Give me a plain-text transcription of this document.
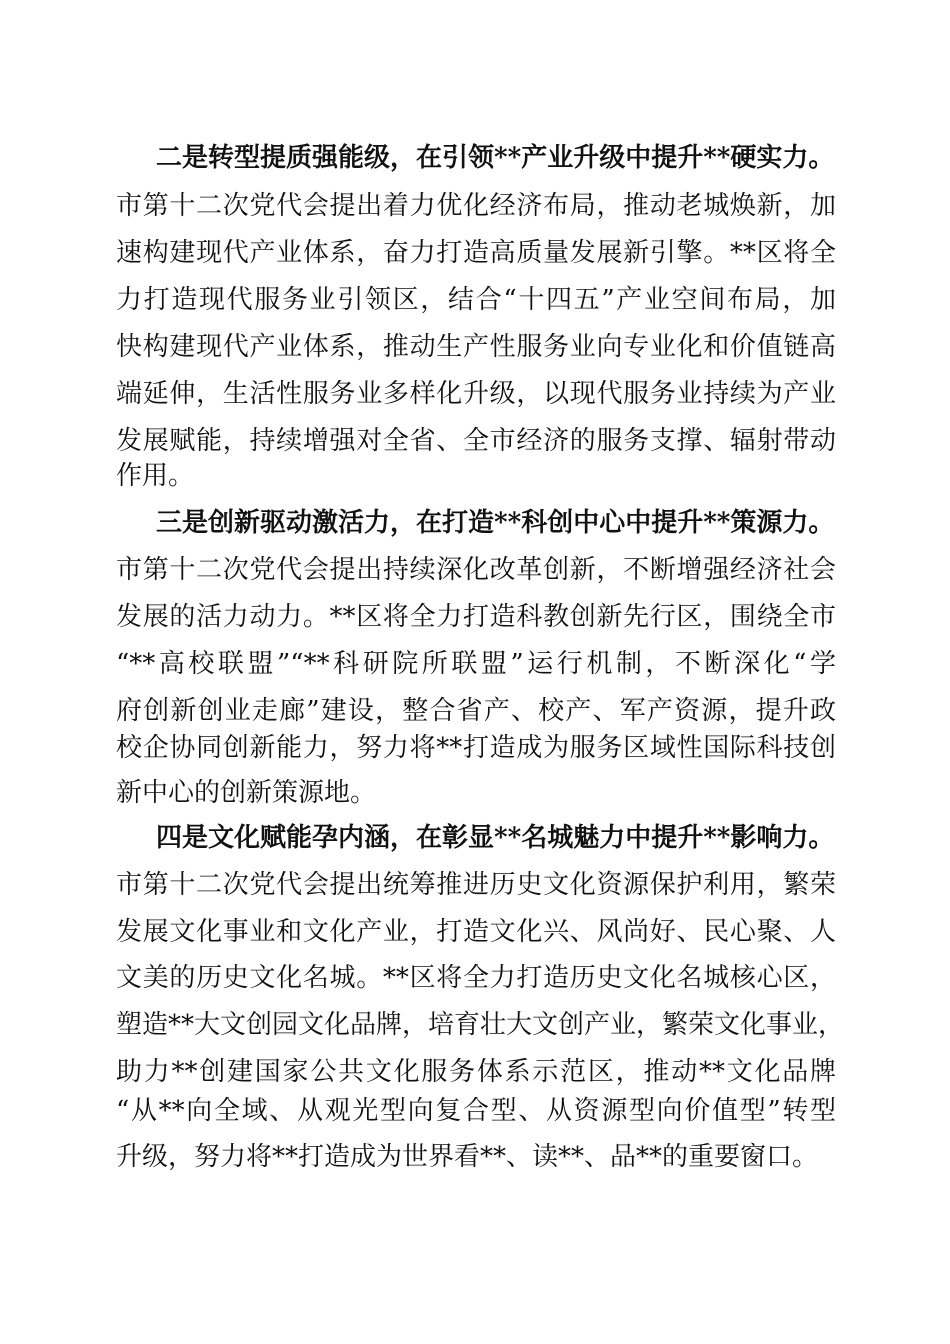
二是转型提质强能级，在引领**产业升级中提升**硬实力。
市第十二次党代会提出着力优化经济布局，推动老城焕新，加
速构建现代产业体系，奋力打造高质量发展新引擎。**区将全
力打造现代服务业引领区，结合“十四五”产业空间布局，加
快构建现代产业体系，推动生产性服务业向专业化和价值链高
端延伸，生活性服务业多样化升级，以现代服务业持续为产业
发展赋能，持续增强对全省、全市经济的服务支撑、辐射带动
作用。
三是创新驱动激活力，在打造**科创中心中提升**策源力。
市第十二次党代会提出持续深化改革创新，不断增强经济社会
发展的活力动力。**区将全力打造科教创新先行区，围绕全市
“**高校联盟”“**科研院所联盟”运行机制，不断深化“学
府创新创业走廊”建设，整合省产、校产、军产资源，提升政
校企协同创新能力，努力将**打造成为服务区域性国际科技创
新中心的创新策源地。
四是文化赋能孕内涵，在彰显**名城魅力中提升**影响力。
市第十二次党代会提出统筹推进历史文化资源保护利用，繁荣
发展文化事业和文化产业，打造文化兴、风尚好、民心聚、人
文美的历史文化名城。**区将全力打造历史文化名城核心区，
塑造**大文创园文化品牌，培育壮大文创产业，繁荣文化事业，
助力**创建国家公共文化服务体系示范区，推动**文化品牌
“从**向全域、从观光型向复合型、从资源型向价值型”转型
升级，努力将**打造成为世界看**、读**、品**的重要窗口。
